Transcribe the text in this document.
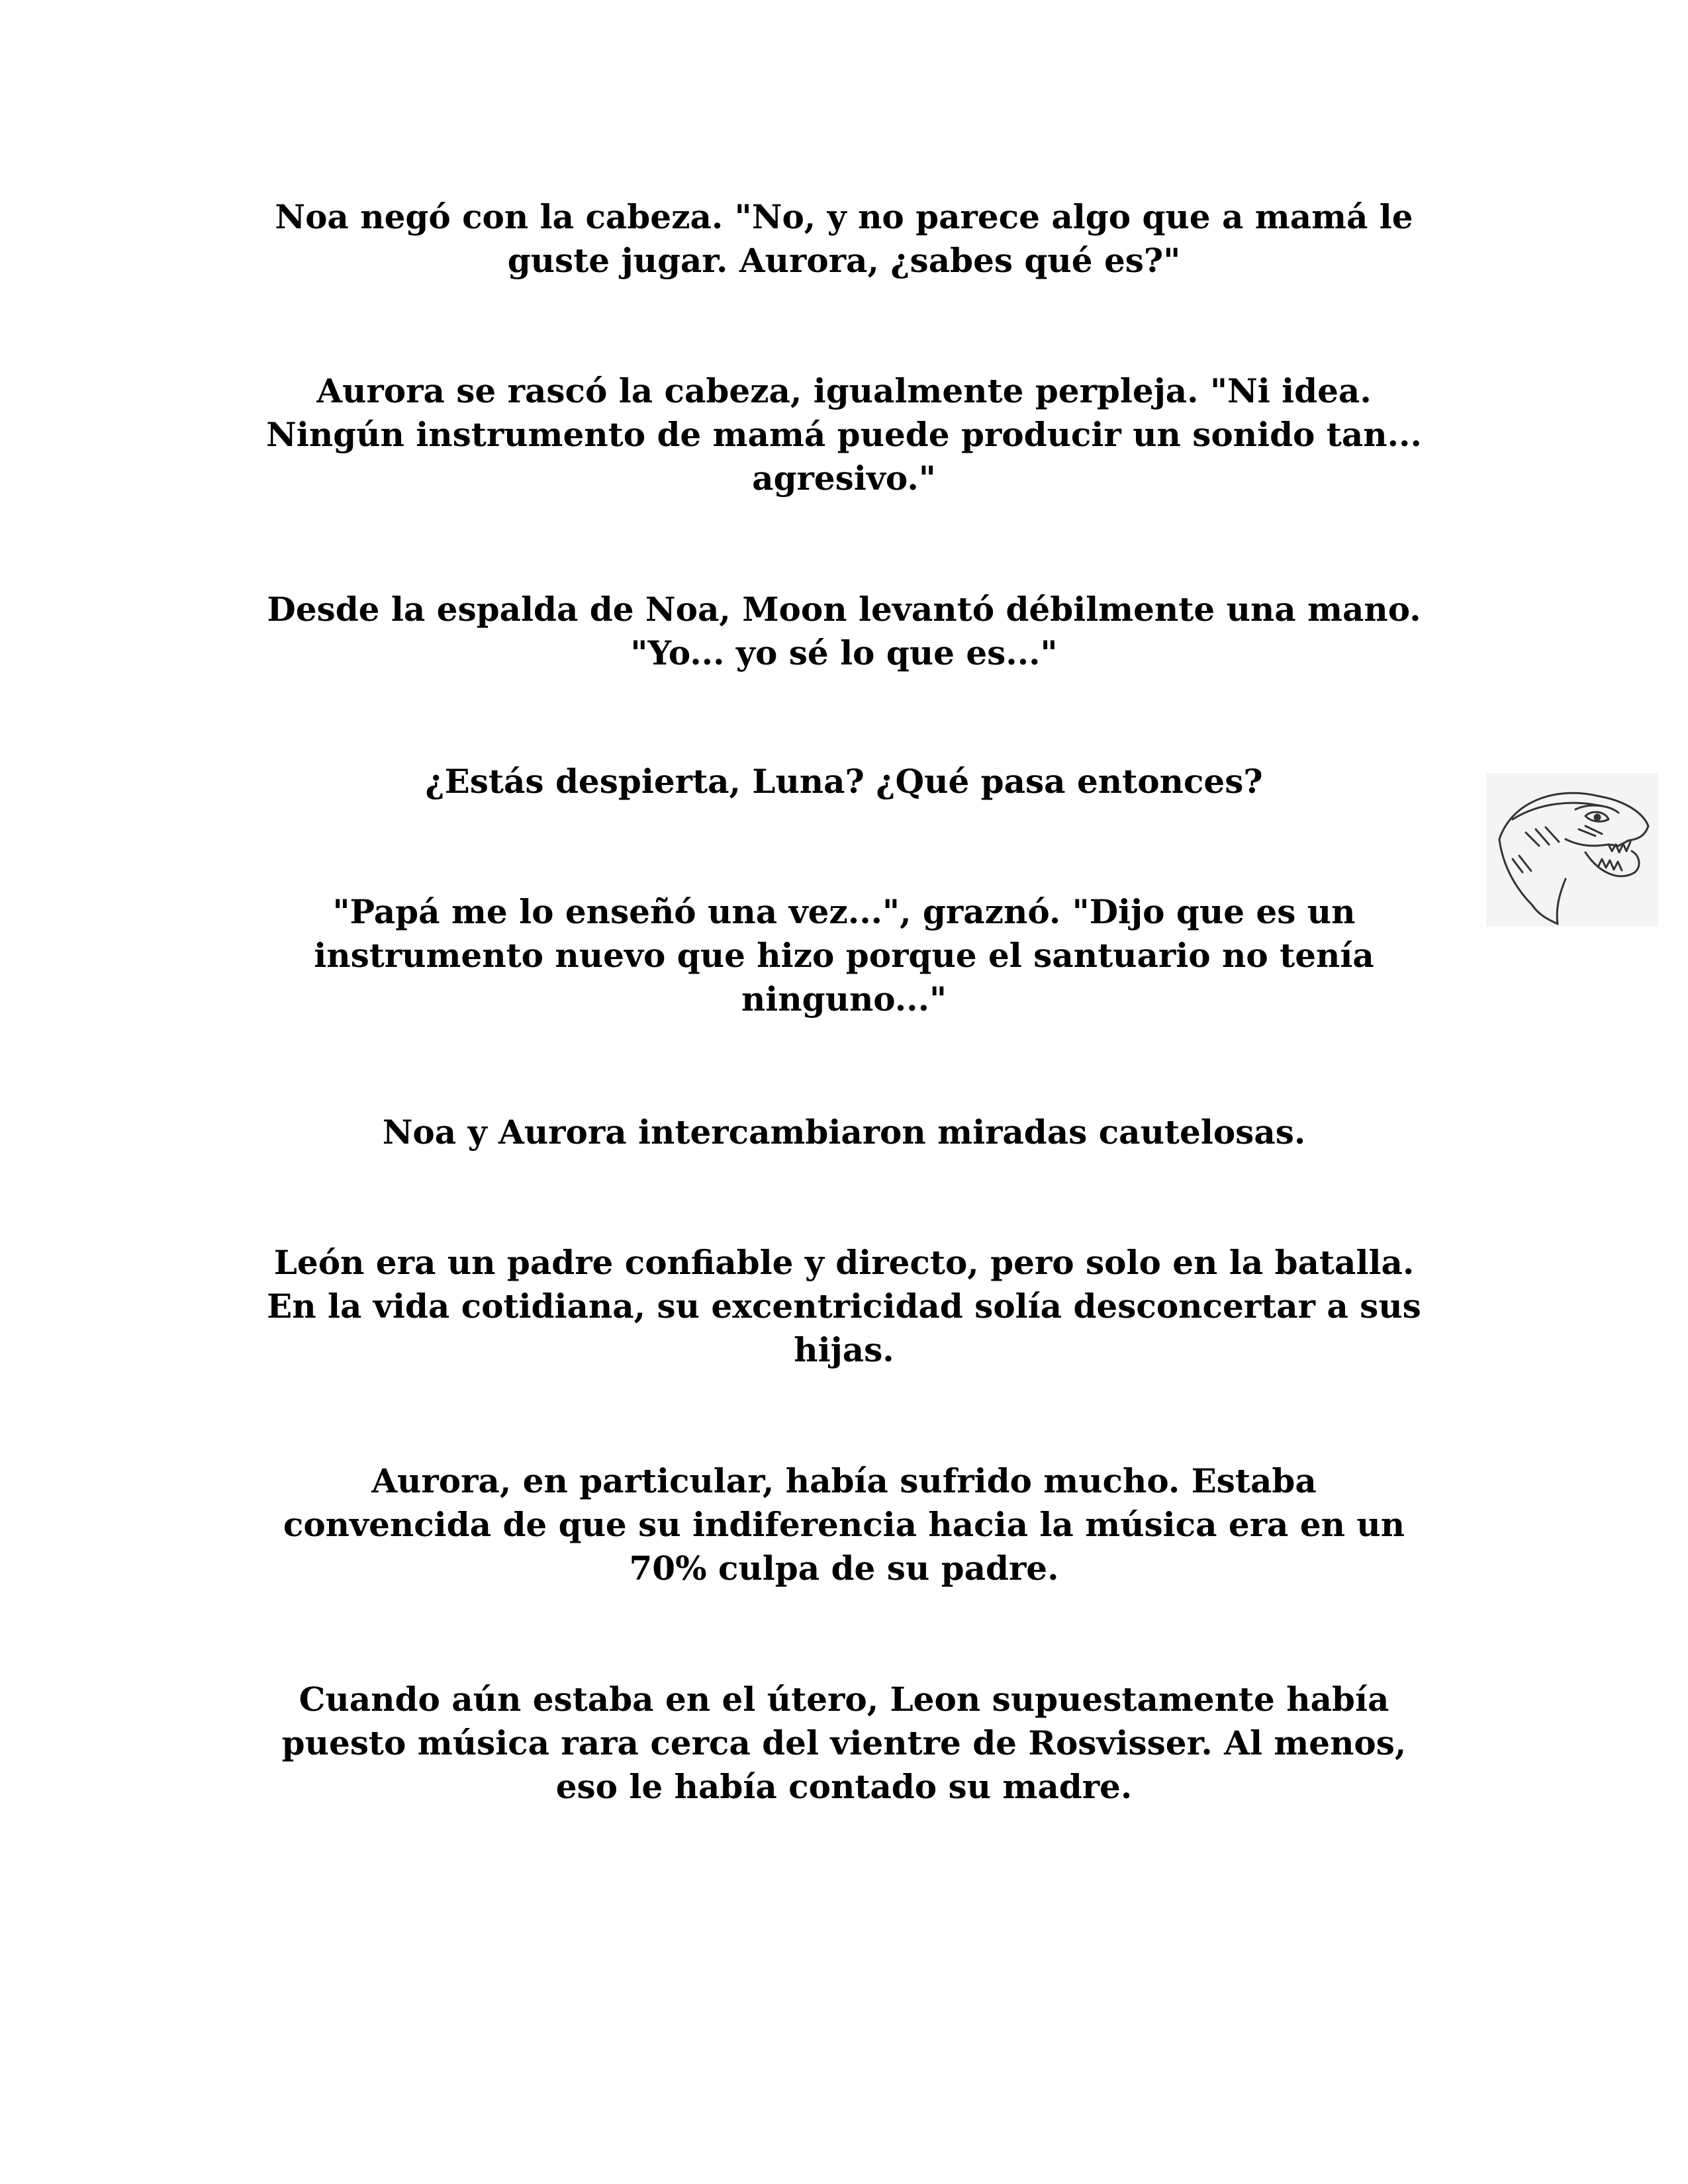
Noa negó con la cabeza. "No, y no parece algo que a mamá le
guste jugar. Aurora, ¿sabes qué es?"

Aurora se rascó la cabeza, igualmente perpleja. "Ni idea.
Ningún instrumento de mamá puede producir un sonido tan...
agresivo."

Desde la espalda de Noa, Moon levantó débilmente una mano.
"Yo... yo sé lo que es..."

¿Estás despierta, Luna? ¿Qué pasa entonces?

"Papá me lo enseñó una vez...", graznó. "Dijo que es un
instrumento nuevo que hizo porque el santuario no tenía
ninguno..."

Noa y Aurora intercambiaron miradas cautelosas.

León era un padre confiable y directo, pero solo en la batalla.
En la vida cotidiana, su excentricidad solía desconcertar a sus
hijas.

Aurora, en particular, había sufrido mucho. Estaba
convencida de que su indiferencia hacia la música era en un
70% culpa de su padre.

Cuando aún estaba en el útero, Leon supuestamente había
puesto música rara cerca del vientre de Rosvisser. Al menos,
eso le había contado su madre.
